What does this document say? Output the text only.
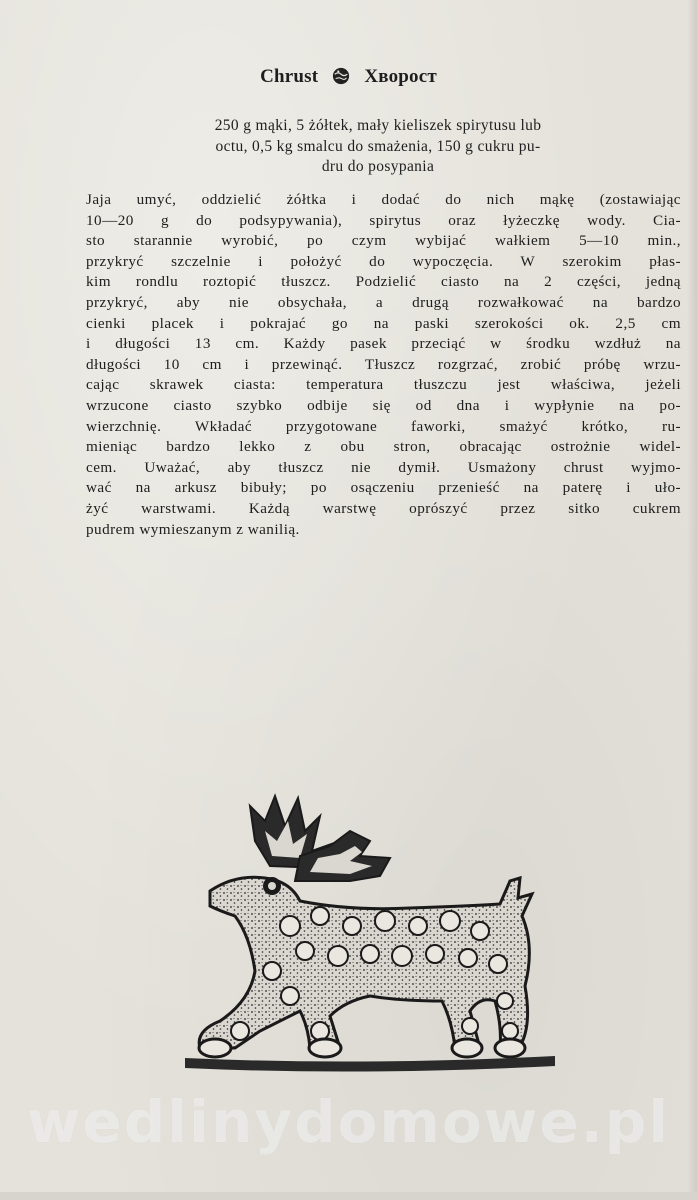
Chrust Хворост
250 g mąki, 5 żółtek, mały kieliszek spirytusu lub
octu, 0,5 kg smalcu do smażenia, 150 g cukru pu-
dru do posypania
Jaja umyć, oddzielić żółtka i dodać do nich mąkę (zostawiając
10—20 g do podsypywania), spirytus oraz łyżeczkę wody. Cia-
sto starannie wyrobić, po czym wybijać wałkiem 5—10 min.,
przykryć szczelnie i położyć do wypoczęcia. W szerokim płas-
kim rondlu roztopić tłuszcz. Podzielić ciasto na 2 części, jedną
przykryć, aby nie obsychała, a drugą rozwałkować na bardzo
cienki placek i pokrajać go na paski szerokości ok. 2,5 cm
i długości 13 cm. Każdy pasek przeciąć w środku wzdłuż na
długości 10 cm i przewinąć. Tłuszcz rozgrzać, zrobić próbę wrzu-
cając skrawek ciasta: temperatura tłuszczu jest właściwa, jeżeli
wrzucone ciasto szybko odbije się od dna i wypłynie na po-
wierzchnię. Wkładać przygotowane faworki, smażyć krótko, ru-
mieniąc bardzo lekko z obu stron, obracając ostrożnie widel-
cem. Uważać, aby tłuszcz nie dymił. Usmażony chrust wyjmo-
wać na arkusz bibuły; po osączeniu przenieść na paterę i uło-
żyć warstwami. Każdą warstwę oprószyć przez sitko cukrem
pudrem wymieszanym z wanilią.
wedlinydomowe.pl
